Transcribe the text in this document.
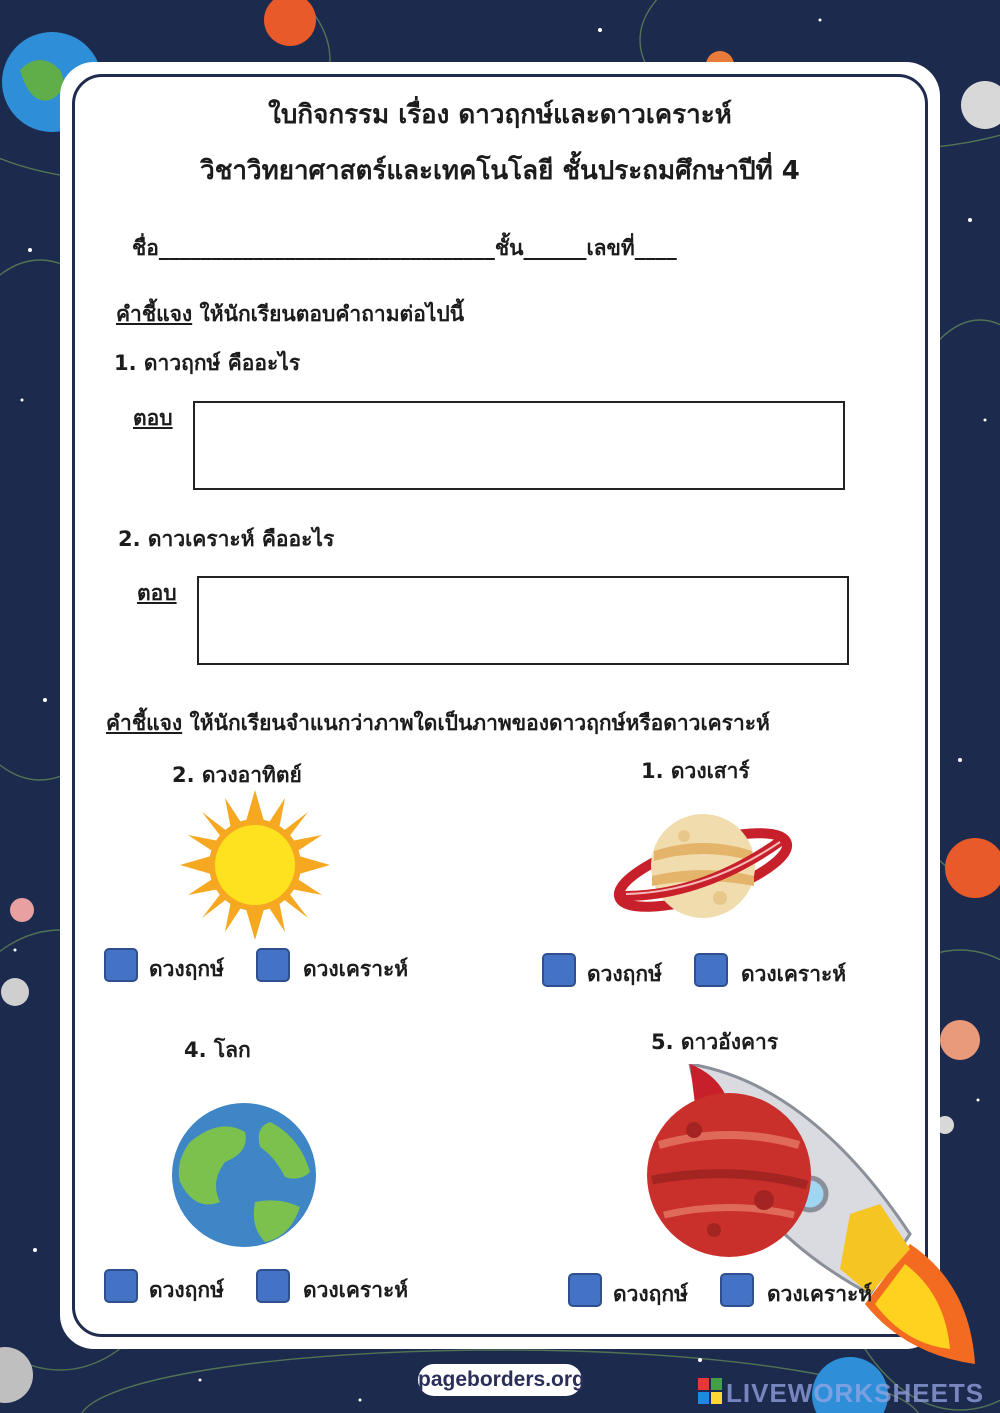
ใบกิจกรรม เรื่อง ดาวฤกษ์และดาวเคราะห์
วิชาวิทยาศาสตร์และเทคโนโลยี ชั้นประถมศึกษาปีที่ 4
ชื่อ________________________________ชั้น______เลขที่____
คำชี้แจง ให้นักเรียนตอบคำถามต่อไปนี้
1. ดาวฤกษ์ คืออะไร
ตอบ
2. ดาวเคราะห์ คืออะไร
ตอบ
คำชี้แจง ให้นักเรียนจำแนกว่าภาพใดเป็นภาพของดาวฤกษ์หรือดาวเคราะห์
2. ดวงอาทิตย์
ดวงฤกษ์	ดวงเคราะห์
1. ดวงเสาร์
ดวงฤกษ์	ดวงเคราะห์
4. โลก
ดวงฤกษ์	ดวงเคราะห์
5. ดาวอังคาร
ดวงฤกษ์	ดวงเคราะห์
pageborders.org	LIVEWORKSHEETS
